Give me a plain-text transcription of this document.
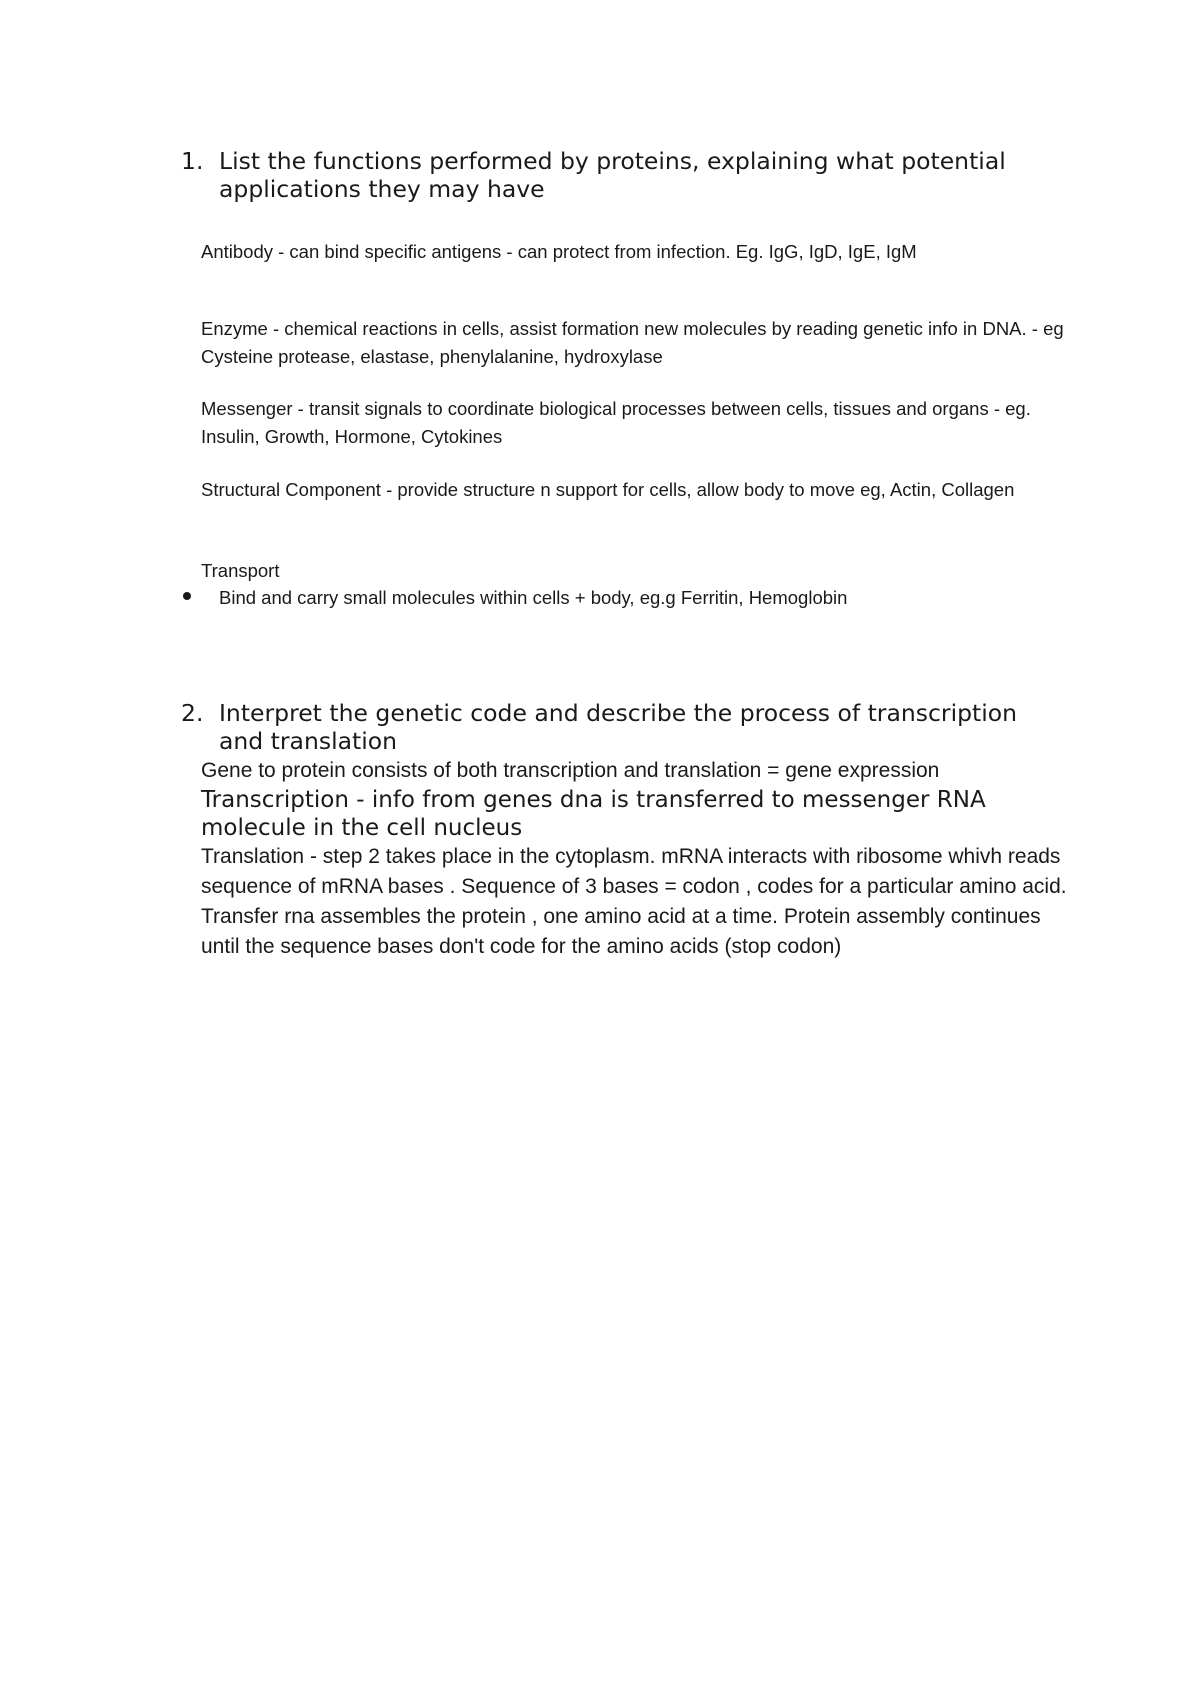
1. List the functions performed by proteins, explaining what potential applications they may have
Antibody - can bind specific antigens - can protect from infection. Eg. IgG, IgD, IgE, IgM
Enzyme - chemical reactions in cells, assist formation new molecules by reading genetic info in DNA. - eg Cysteine protease, elastase, phenylalanine, hydroxylase
Messenger - transit signals to coordinate biological processes between cells, tissues and organs - eg. Insulin, Growth, Hormone, Cytokines
Structural Component - provide structure n support for cells, allow body to move eg, Actin, Collagen
Transport
Bind and carry small molecules within cells + body, eg.g Ferritin, Hemoglobin
2. Interpret the genetic code and describe the process of transcription and translation

Gene to protein consists of both transcription and translation = gene expression

Transcription - info from genes dna is transferred to messenger RNA molecule in the cell nucleus

Translation - step 2 takes place in the cytoplasm. mRNA interacts with ribosome whivh reads sequence of mRNA bases . Sequence of 3 bases = codon , codes for a particular amino acid. Transfer rna assembles the protein , one amino acid at a time. Protein assembly continues until the sequence bases don't code for the amino acids (stop codon)
